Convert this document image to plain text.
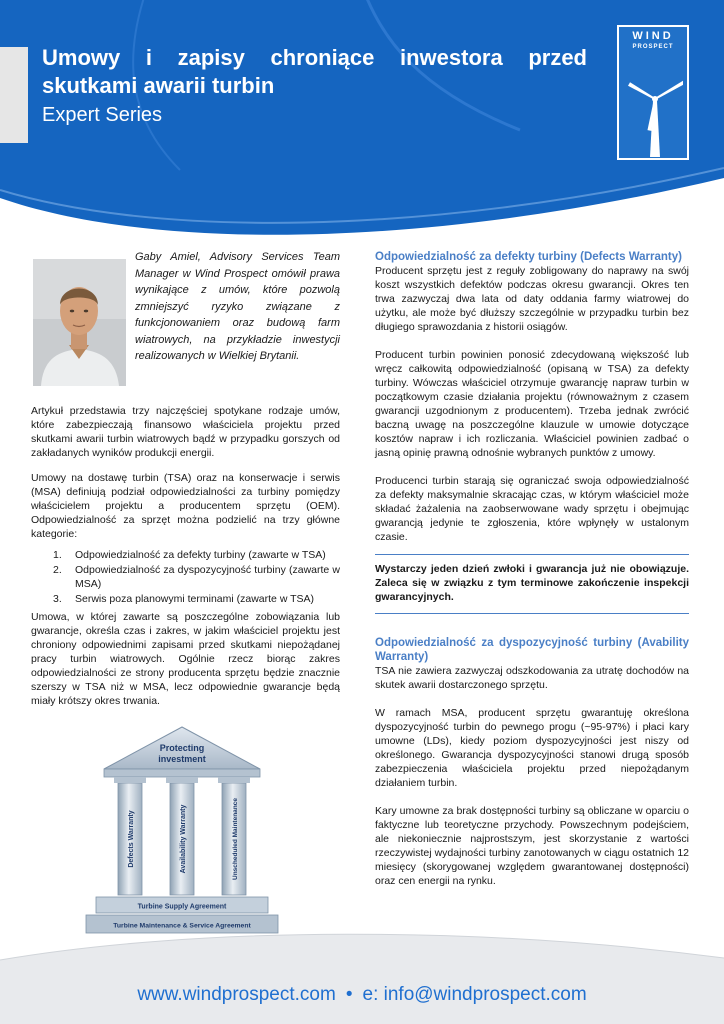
Umowy i zapisy chroniące inwestora przed skutkami awarii turbin
Expert Series
WIND
PROSPECT
Gaby Amiel, Advisory Services Team Manager w Wind Prospect omówił prawa wynikające z umów, które pozwolą zmniejszyć ryzyko związane z funkcjonowaniem oraz budową farm wiatrowych, na przykładzie inwestycji realizowanych w Wielkiej Brytanii.

Artykuł przedstawia trzy najczęściej spotykane rodzaje umów, które zabezpieczają finansowo właściciela projektu przed skutkami awarii turbin wiatrowych bądź w przypadku gorszych od zakładanych wyników produkcji energii.

Umowy na dostawę turbin (TSA) oraz na konserwacje i serwis (MSA) definiują podział odpowiedzialności za turbiny pomiędzy właścicielem projektu a producentem sprzętu (OEM). Odpowiedzialność za sprzęt można podzielić na trzy główne kategorie:

1. Odpowiedzialność za defekty turbiny (zawarte w TSA)
2. Odpowiedzialność za dyspozycyjność turbiny (zawarte w MSA)
3. Serwis poza planowymi terminami (zawarte w TSA)

Umowa, w której zawarte są poszczególne zobowiązania lub gwarancje, określa czas i zakres, w jakim właściciel projektu jest chroniony odpowiednimi zapisami przed skutkami niepożądanej pracy turbin wiatrowych. Ogólnie rzecz biorąc zakres odpowiedzialności ze strony producenta sprzętu będzie znacznie szerszy w TSA niż w MSA, lecz odpowiednie gwarancje będą miały krótszy okres trwania.

Protecting
investment
Defects Warranty	Availability Warranty	Unscheduled Maintenance
Turbine Supply Agreement
Turbine Maintenance & Service Agreement
Odpowiedzialność za defekty turbiny (Defects Warranty)

Producent sprzętu jest z reguły zobligowany do naprawy na swój koszt wszystkich defektów podczas okresu gwarancji. Okres ten trwa zazwyczaj dwa lata od daty oddania farmy wiatrowej do użytku, ale może być dłuższy szczególnie w przypadku turbin bez długiego sprawozdania z historii osiągów.

Producent turbin powinien ponosić zdecydowaną większość lub wręcz całkowitą odpowiedzialność (opisaną w TSA) za defekty turbiny. Wówczas właściciel otrzymuje gwarancję napraw turbin w początkowym czasie działania projektu (równoważnym z czasem gwarancji uzgodnionym z producentem). Trzeba jednak zwrócić baczną uwagę na poszczególne klauzule w umowie dotyczące kosztów napraw i ich rozliczania. Właściciel powinien zadbać o jasną opinię prawną odnośnie wybranych punktów z umowy.

Producenci turbin starają się ograniczać swoja odpowiedzialność za defekty maksymalnie skracając czas, w którym właściciel może składać żażalenia na zaobserwowane wady sprzętu i obejmując gwarancją jedynie te zgłoszenia, które wpłynęły w ustalonym czasie.

Wystarczy jeden dzień zwłoki i gwarancja już nie obowiązuje. Zaleca się w związku z tym terminowe zakończenie inspekcji gwarancyjnych.
Odpowiedzialność za dyspozycyjność turbiny (Avability Warranty)

TSA nie zawiera zazwyczaj odszkodowania za utratę dochodów na skutek awarii dostarczonego sprzętu.

W ramach MSA, producent sprzętu gwarantuję określona dyspozycyjność turbin do pewnego progu (~95-97%) i płaci kary umowne (LDs), kiedy poziom dyspozycyjności jest niszy od określonego. Gwarancja dyspozycyjności stanowi drugą sposób zabezpieczenia właściciela projektu przed niepożądanym działaniem turbin.

Kary umowne za brak dostępności turbiny są obliczane w oparciu o faktyczne lub teoretyczne przychody. Powszechnym podejściem, ale niekoniecznie najprostszym, jest skorzystanie z wartości rzeczywistej wydajności turbiny zanotowanych w ciągu ostatnich 12 miesięcy (skorygowanej względem gwarantowanej dostępności) oraz cen energii na rynku.

www.windprospect.com • e: info@windprospect.com
